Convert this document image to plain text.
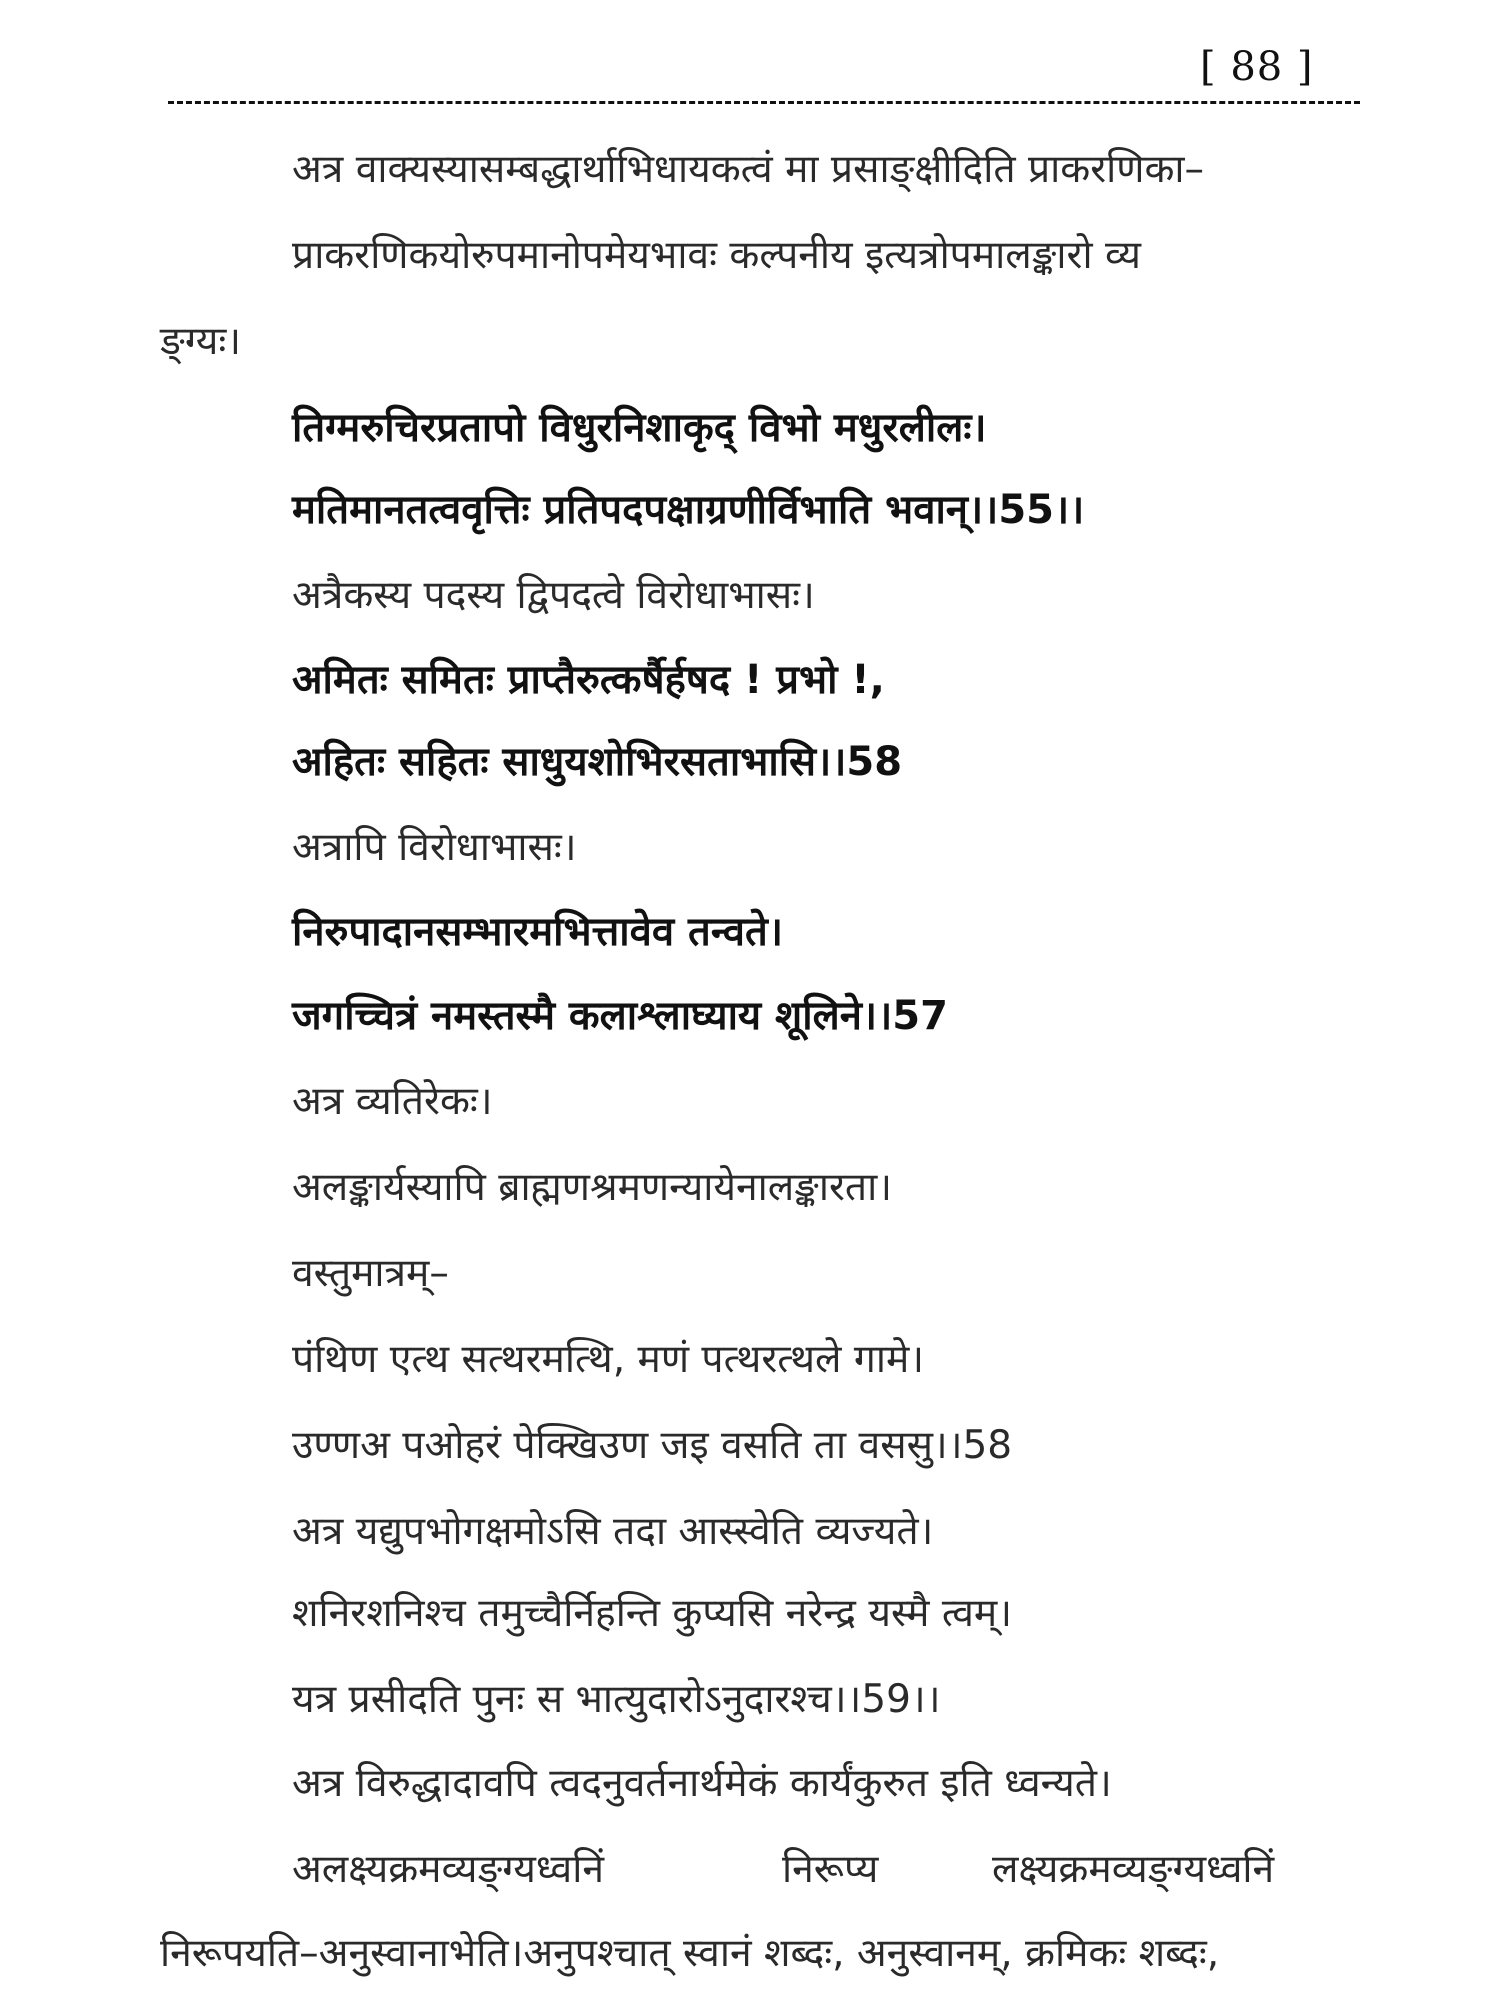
[ 88 ]
अत्र वाक्यस्यासम्बद्धार्थाभिधायकत्वं मा प्रसाङ्क्षीदिति प्राकरणिका–
प्राकरणिकयोरुपमानोपमेयभावः कल्पनीय इत्यत्रोपमालङ्कारो व्य
ङ्ग्यः।
तिग्मरुचिरप्रतापो विधुरनिशाकृद् विभो मधुरलीलः।
मतिमानतत्ववृत्तिः प्रतिपदपक्षाग्रणीर्विभाति भवान्।।55।।
अत्रैकस्य पदस्य द्विपदत्वे विरोधाभासः।
अमितः समितः प्राप्तैरुत्कर्षैर्हषद ! प्रभो !,
अहितः सहितः साधुयशोभिरसताभासि।।58
अत्रापि विरोधाभासः।
निरुपादानसम्भारमभित्तावेव तन्वते।
जगच्चित्रं नमस्तस्मै कलाश्लाघ्याय शूलिने।।57
अत्र व्यतिरेकः।
अलङ्कार्यस्यापि ब्राह्मणश्रमणन्यायेनालङ्कारता।
वस्तुमात्रम्–
पंथिण एत्थ सत्थरमत्थि, मणं पत्थरत्थले गामे।
उण्णअ पओहरं पेक्खिउण जइ वसति ता वससु।।58
अत्र यद्युपभोगक्षमोऽसि तदा आस्स्वेति व्यज्यते।
शनिरशनिश्च तमुच्चैर्निहन्ति कुप्यसि नरेन्द्र यस्मै त्वम्।
यत्र प्रसीदति पुनः स भात्युदारोऽनुदारश्च।।59।।
अत्र विरुद्धादावपि त्वदनुवर्तनार्थमेकं कार्यंकुरुत इति ध्वन्यते।
अलक्ष्यक्रमव्यङ्ग्यध्वनिं	निरूप्य	लक्ष्यक्रमव्यङ्ग्यध्वनिं
निरूपयति–अनुस्वानाभेति।अनुपश्चात् स्वानं शब्दः, अनुस्वानम्, क्रमिकः शब्दः,
